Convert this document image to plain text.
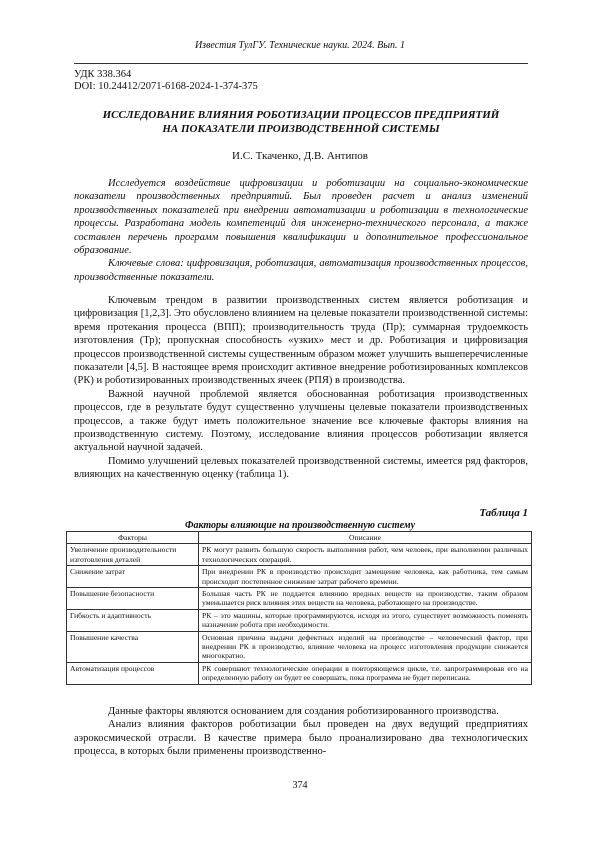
Известия ТулГУ. Технические науки. 2024. Вып. 1
УДК 338.364
DOI: 10.24412/2071-6168-2024-1-374-375
ИССЛЕДОВАНИЕ ВЛИЯНИЯ РОБОТИЗАЦИИ ПРОЦЕССОВ ПРЕДПРИЯТИЙ
НА ПОКАЗАТЕЛИ ПРОИЗВОДСТВЕННОЙ СИСТЕМЫ
И.С. Ткаченко, Д.В. Антипов

Исследуется воздействие цифровизации и роботизации на социально-экономические показатели производственных предприятий. Был проведен расчет и анализ изменений производственных показателей при внедрении автоматизации и роботизации в технологические процессы. Разработана модель компетенций для инженерно-технического персонала, а также составлен перечень программ повышения квалификации и дополнительное профессиональное образование.

Ключевые слова: цифровизация, роботизация, автоматизация производственных процессов, производственные показатели.

Ключевым трендом в развитии производственных систем является роботизация и цифровизация [1,2,3]. Это обусловлено влиянием на целевые показатели производственной системы: время протекания процесса (ВПП); производительность труда (Пр); суммарная трудоемкость изготовления (Тр); пропускная способность «узких» мест и др. Роботизация и цифровизация процессов производственной системы существенным образом может улучшить вышеперечисленные показатели [4,5]. В настоящее время происходит активное внедрение роботизированных комплексов (РК) и роботизированных производственных ячеек (РПЯ) в производства.

Важной научной проблемой является обоснованная роботизация производственных процессов, где в результате будут существенно улучшены целевые показатели производственных процессов, а также будут иметь положительное значение все ключевые факторы влияния на производственную систему. Поэтому, исследование влияния процессов роботизации является актуальной научной задачей.

Помимо улучшений целевых показателей производственной системы, имеется ряд факторов, влияющих на качественную оценку (таблица 1).

Таблица 1
Факторы влияющие на производственную систему
Факторы	Описание
Увеличение производительности изготовления деталей	РК могут развить большую скорость выполнения работ, чем человек, при выполнении различных технологических операций.
Снижение затрат	При внедрении РК в производство происходит замещение человека, как работника, тем самым происходит постепенное снижение затрат рабочего времени.
Повышение безопасности	Большая часть РК не поддается влиянию вредных веществ на производстве, таким образом уменьшается риск влияния этих веществ на человека, работающего на производстве.
Гибкость и адаптивность	РК – это машины, которые программируются, исходя из этого, существует возможность поменять назначение робота при необходимости.
Повышение качества	Основная причина выдачи дефектных изделий на производстве – человеческий фактор, при внедрении РК в производство, влияние человека на процесс изготовления продукции снижается многократно.
Автоматизация процессов	РК совершают технологические операции в повторяющемся цикле, т.е. запрограммировав его на определенную работу он будет ее совершать, пока программа не будет переписана.

Данные факторы являются основанием для создания роботизированного производства.

Анализ влияния факторов роботизации был проведен на двух ведущий предприятиях аэрокосмической отрасли. В качестве примера было проанализировано два технологических процесса, в которых были применены производственно-

374
